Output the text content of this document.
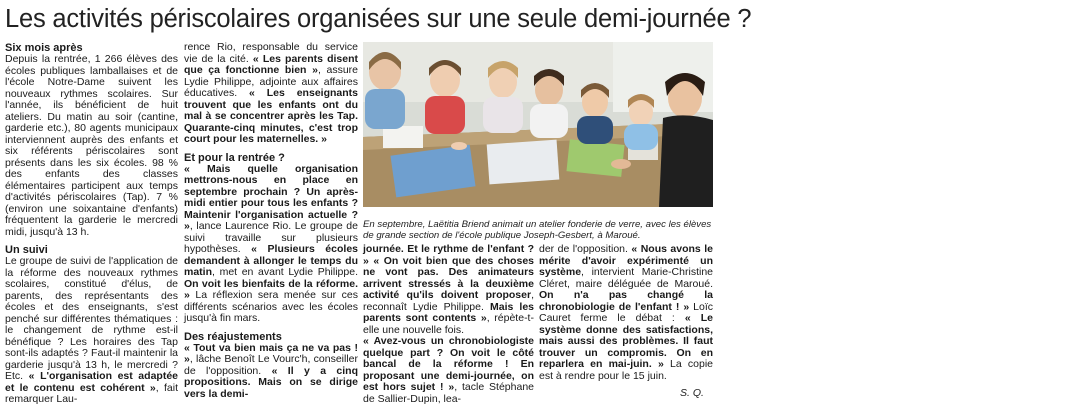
Les activités périscolaires organisées sur une seule demi-journée ?
Six mois après

Depuis la rentrée, 1 266 élèves des écoles publiques lamballaises et de l'école Notre-Dame suivent les nouveaux rythmes scolaires. Sur l'année, ils bénéficient de huit ateliers. Du matin au soir (cantine, garderie etc.), 80 agents municipaux interviennent auprès des enfants et six référents périscolaires sont présents dans les six écoles. 98 % des enfants des classes élémentaires participent aux temps d'activités périscolaires (Tap). 7 % (environ une soixantaine d'enfants) fréquentent la garderie le mercredi midi, jusqu'à 13 h.

Un suivi

Le groupe de suivi de l'application de la réforme des nouveaux rythmes scolaires, constitué d'élus, de parents, des représentants des écoles et des enseignants, s'est penché sur différentes thématiques : le changement de rythme est-il bénéfique ? Les horaires des Tap sont-ils adaptés ? Faut-il maintenir la garderie jusqu'à 13 h, le mercredi ? Etc. « L'organisation est adaptée et le contenu est cohérent », fait remarquer Lau-

rence Rio, responsable du service vie de la cité. « Les parents disent que ça fonctionne bien », assure Lydie Philippe, adjointe aux affaires éducatives. « Les enseignants trouvent que les enfants ont du mal à se concentrer après les Tap. Quarante-cinq minutes, c'est trop court pour les maternelles. »

Et pour la rentrée ?

« Mais quelle organisation mettrons-nous en place en septembre prochain ? Un après-midi entier pour tous les enfants ? Maintenir l'organisation actuelle ? », lance Laurence Rio. Le groupe de suivi travaille sur plusieurs hypothèses. « Plusieurs écoles demandent à allonger le temps du matin, met en avant Lydie Philippe. On voit les bienfaits de la réforme. » La réflexion sera menée sur ces différents scénarios avec les écoles jusqu'à fin mars.

Des réajustements

« Tout va bien mais ça ne va pas ! », lâche Benoît Le Vourc'h, conseiller de l'opposition. « Il y a cinq propositions. Mais on se dirige vers la demi-

Archives

En septembre, Laëtitia Briend animait un atelier fonderie de verre, avec les élèves de grande section de l'école publique Joseph-Gesbert, à Maroué.

journée. Et le rythme de l'enfant ? » « On voit bien que des choses ne vont pas. Des animateurs arrivent stressés à la deuxième activité qu'ils doivent proposer, reconnaît Lydie Philippe. Mais les parents sont contents », répète-t-elle une nouvelle fois.

« Avez-vous un chronobiologiste quelque part ? On voit le côté bancal de la réforme ! En proposant une demi-journée, on est hors sujet ! », tacle Stéphane de Sallier-Dupin, lea-

der de l'opposition. « Nous avons le mérite d'avoir expérimenté un système, intervient Marie-Christine Cléret, maire déléguée de Maroué. On n'a pas changé la chronobiologie de l'enfant ! » Loïc Cauret ferme le débat : « Le système donne des satisfactions, mais aussi des problèmes. Il faut trouver un compromis. On en reparlera en mai-juin. » La copie est à rendre pour le 15 juin.

S. Q.
